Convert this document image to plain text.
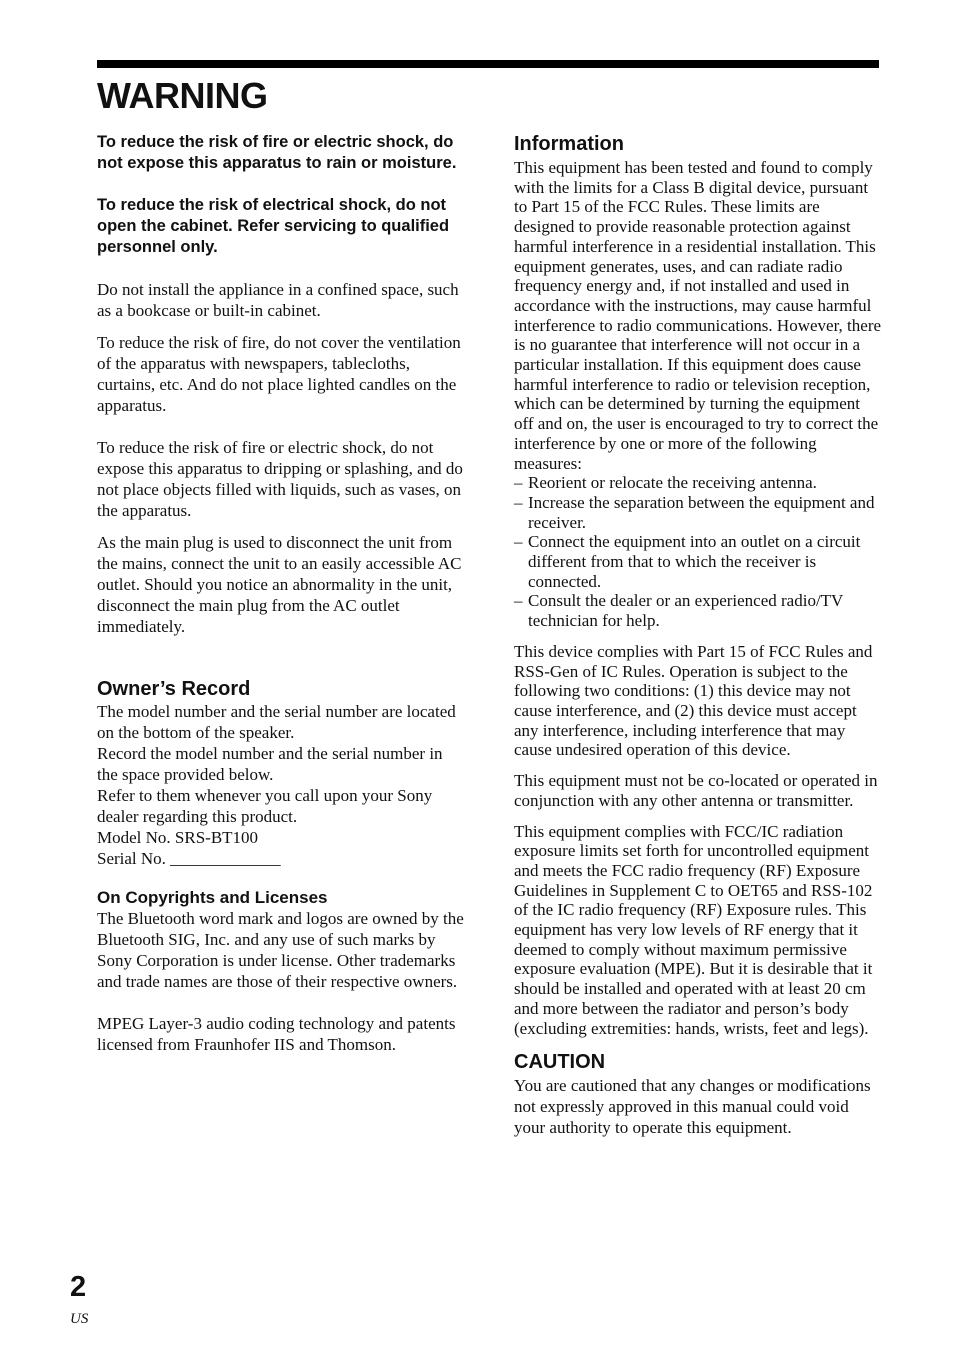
WARNING

To reduce the risk of fire or electric shock, do not expose this apparatus to rain or moisture.

To reduce the risk of electrical shock, do not open the cabinet. Refer servicing to qualified personnel only.

Do not install the appliance in a confined space, such as a bookcase or built-in cabinet.

To reduce the risk of fire, do not cover the ventilation of the apparatus with newspapers, tablecloths, curtains, etc. And do not place lighted candles on the apparatus.

To reduce the risk of fire or electric shock, do not expose this apparatus to dripping or splashing, and do not place objects filled with liquids, such as vases, on the apparatus.

As the main plug is used to disconnect the unit from the mains, connect the unit to an easily accessible AC outlet. Should you notice an abnormality in the unit, disconnect the main plug from the AC outlet immediately.

Owner’s Record

The model number and the serial number are located on the bottom of the speaker.

Record the model number and the serial number in the space provided below.

Refer to them whenever you call upon your Sony dealer regarding this product.

Model No. SRS-BT100

Serial No. _____________

On Copyrights and Licenses

The Bluetooth word mark and logos are owned by the Bluetooth SIG, Inc. and any use of such marks by Sony Corporation is under license. Other trademarks and trade names are those of their respective owners.

MPEG Layer-3 audio coding technology and patents licensed from Fraunhofer IIS and Thomson.

Information

This equipment has been tested and found to comply with the limits for a Class B digital device, pursuant to Part 15 of the FCC Rules. These limits are designed to provide reasonable protection against harmful interference in a residential installation. This equipment generates, uses, and can radiate radio frequency energy and, if not installed and used in accordance with the instructions, may cause harmful interference to radio communications. However, there is no guarantee that interference will not occur in a particular installation. If this equipment does cause harmful interference to radio or television reception, which can be determined by turning the equipment off and on, the user is encouraged to try to correct the interference by one or more of the following measures:

– Reorient or relocate the receiving antenna.
– Increase the separation between the equipment and receiver.
– Connect the equipment into an outlet on a circuit different from that to which the receiver is connected.
– Consult the dealer or an experienced radio/TV technician for help.

This device complies with Part 15 of FCC Rules and RSS-Gen of IC Rules. Operation is subject to the following two conditions: (1) this device may not cause interference, and (2) this device must accept any interference, including interference that may cause undesired operation of this device.

This equipment must not be co-located or operated in conjunction with any other antenna or transmitter.

This equipment complies with FCC/IC radiation exposure limits set forth for uncontrolled equipment and meets the FCC radio frequency (RF) Exposure Guidelines in Supplement C to OET65 and RSS-102 of the IC radio frequency (RF) Exposure rules. This equipment has very low levels of RF energy that it deemed to comply without maximum permissive exposure evaluation (MPE). But it is desirable that it should be installed and operated with at least 20 cm and more between the radiator and person’s body (excluding extremities: hands, wrists, feet and legs).

CAUTION

You are cautioned that any changes or modifications not expressly approved in this manual could void your authority to operate this equipment.

2
US
